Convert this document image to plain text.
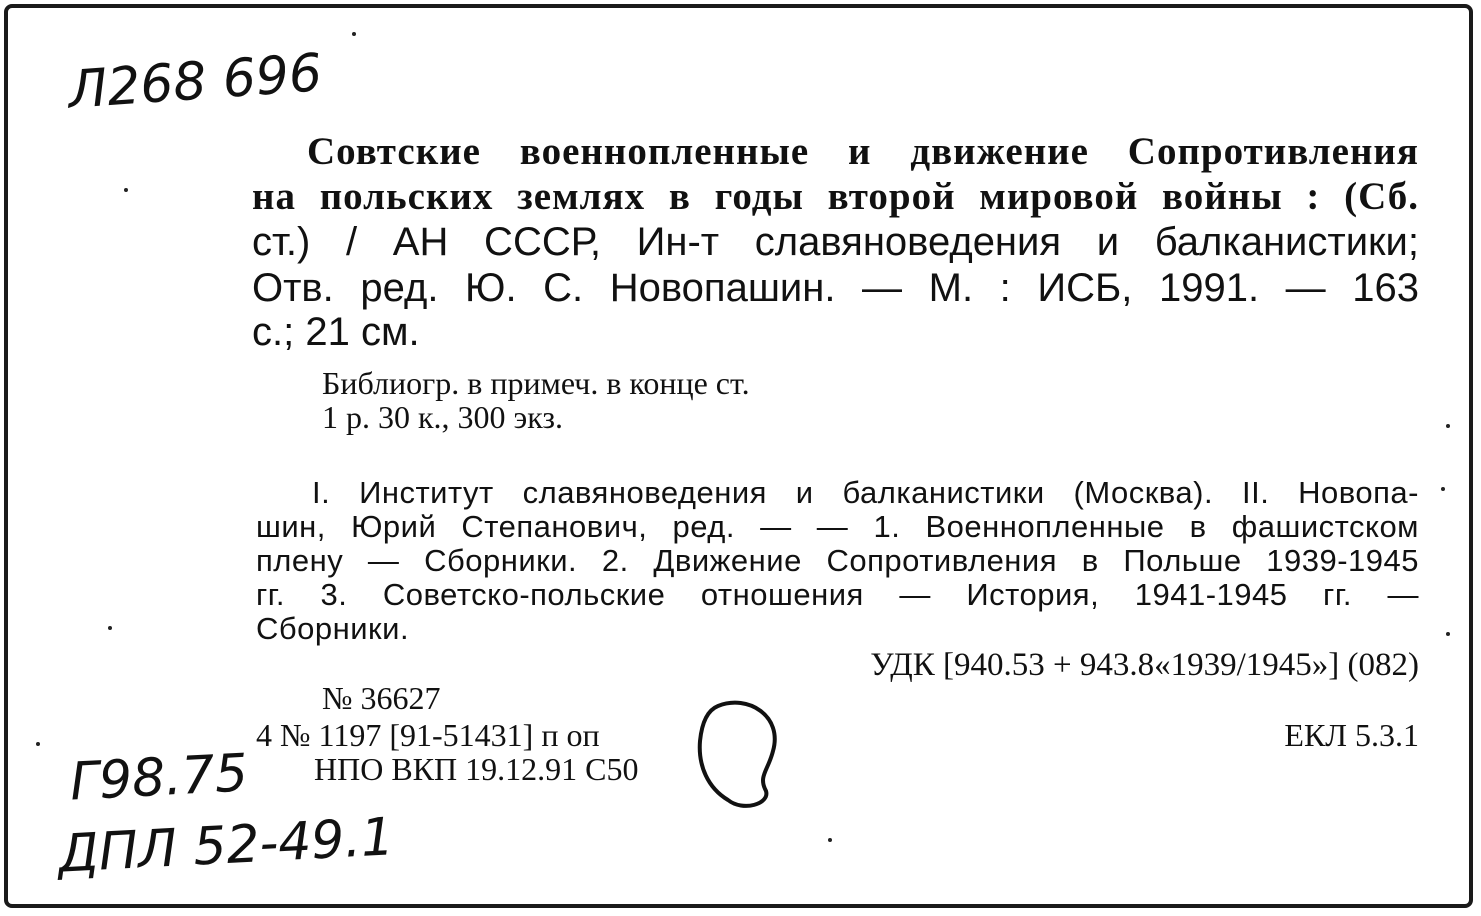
Л268 696
Совтские военнопленные и движение Сопротивления
на польских землях в годы второй мировой войны : (Сб.
ст.) / АН СССР, Ин-т славяноведения и балканистики;
Отв. ред. Ю. С. Новопашин. — М. : ИСБ, 1991. — 163
с.; 21 см.
Библиогр. в примеч. в конце ст.
1 р. 30 к., 300 экз.
I. Институт славяноведения и балканистики (Москва). II. Новопа-
шин, Юрий Степанович, ред. — — 1. Военнопленные в фашистском
плену — Сборники. 2. Движение Сопротивления в Польше 1939-1945
гг. 3. Советско-польские отношения — История, 1941-1945 гг. —
Сборники.
УДК [940.53 + 943.8«1939/1945»] (082)
№ 36627
4 № 1197 [91-51431] п оп
НПО ВКП 19.12.91 С50
ЕКЛ 5.3.1
Г98.75
ДПЛ 52-49.1
